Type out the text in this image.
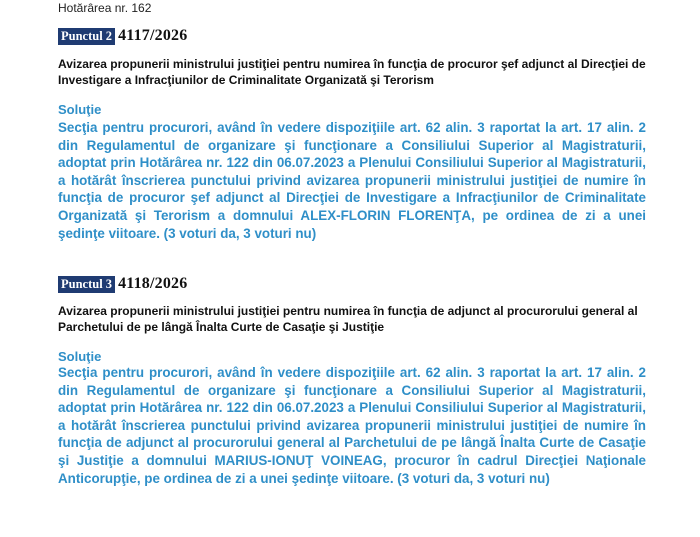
Hotărârea nr. 162
Punctul 2 4117/2026
Avizarea propunerii ministrului justiţiei pentru numirea în funcţia de procuror şef adjunct al Direcţiei de Investigare a Infracţiunilor de Criminalitate Organizată şi Terorism
Soluţie
Secţia pentru procurori, având în vedere dispoziţiile art. 62 alin. 3 raportat la art. 17 alin. 2 din Regulamentul de organizare şi funcţionare a Consiliului Superior al Magistraturii, adoptat prin Hotărârea nr. 122 din 06.07.2023 a Plenului Consiliului Superior al Magistraturii, a hotărât înscrierea punctului privind avizarea propunerii ministrului justiţiei de numire în funcţia de procuror şef adjunct al Direcţiei de Investigare a Infracţiunilor de Criminalitate Organizată şi Terorism a domnului ALEX-FLORIN FLORENŢA, pe ordinea de zi a unei şedinţe viitoare. (3 voturi da, 3 voturi nu)
Punctul 3 4118/2026
Avizarea propunerii ministrului justiţiei pentru numirea în funcţia de adjunct al procurorului general al Parchetului de pe lângă Înalta Curte de Casaţie şi Justiţie
Soluţie
Secţia pentru procurori, având în vedere dispoziţiile art. 62 alin. 3 raportat la art. 17 alin. 2 din Regulamentul de organizare şi funcţionare a Consiliului Superior al Magistraturii, adoptat prin Hotărârea nr. 122 din 06.07.2023 a Plenului Consiliului Superior al Magistraturii, a hotărât înscrierea punctului privind avizarea propunerii ministrului justiţiei de numire în funcţia de adjunct al procurorului general al Parchetului de pe lângă Înalta Curte de Casaţie şi Justiţie a domnului MARIUS-IONUŢ VOINEAG, procuror în cadrul Direcţiei Naţionale Anticorupţie, pe ordinea de zi a unei şedinţe viitoare. (3 voturi da, 3 voturi nu)
